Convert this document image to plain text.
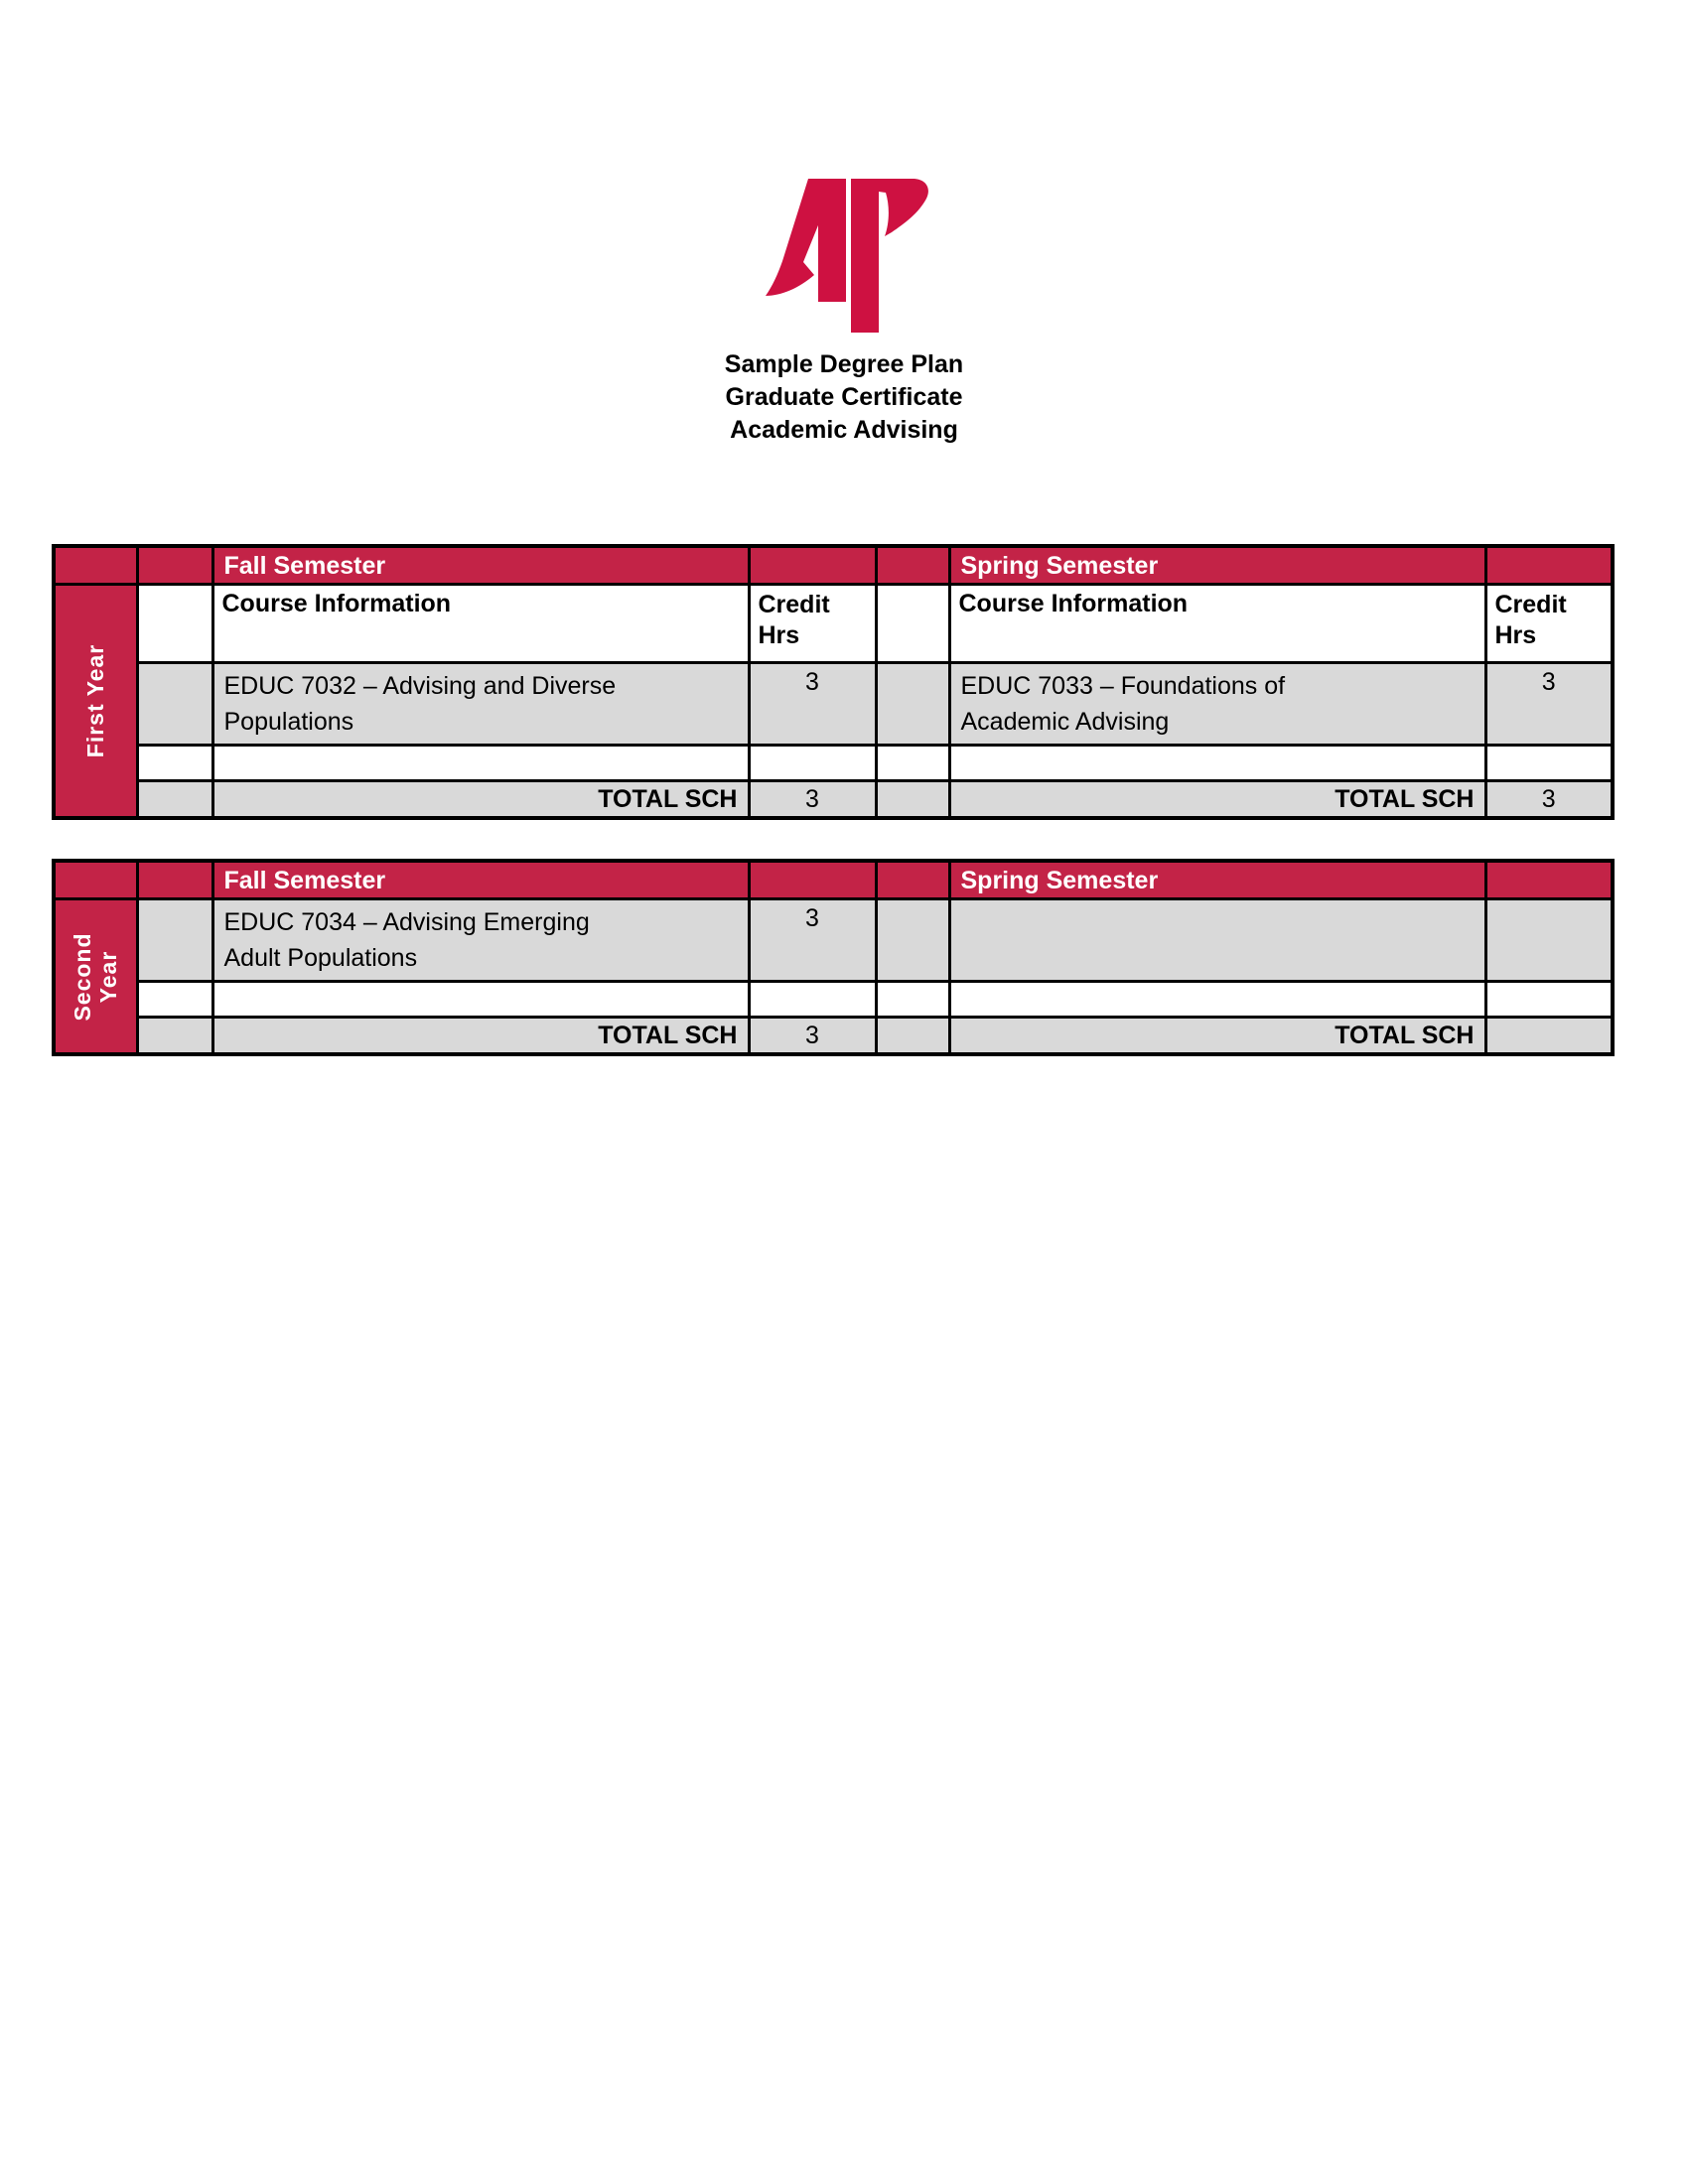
Sample Degree Plan
Graduate Certificate
Academic Advising
		Fall Semester			Spring Semester	

First Year		Course Information	Credit Hrs		Course Information	Credit Hrs

		EDUC 7032 – Advising and Diverse Populations	3		EDUC 7033 – Foundations of Academic Advising	3

		TOTAL SCH	3		TOTAL SCH	3
		Fall Semester			Spring Semester	

Second Year		EDUC 7034 – Advising Emerging Adult Populations	3		

		TOTAL SCH	3		TOTAL SCH	
